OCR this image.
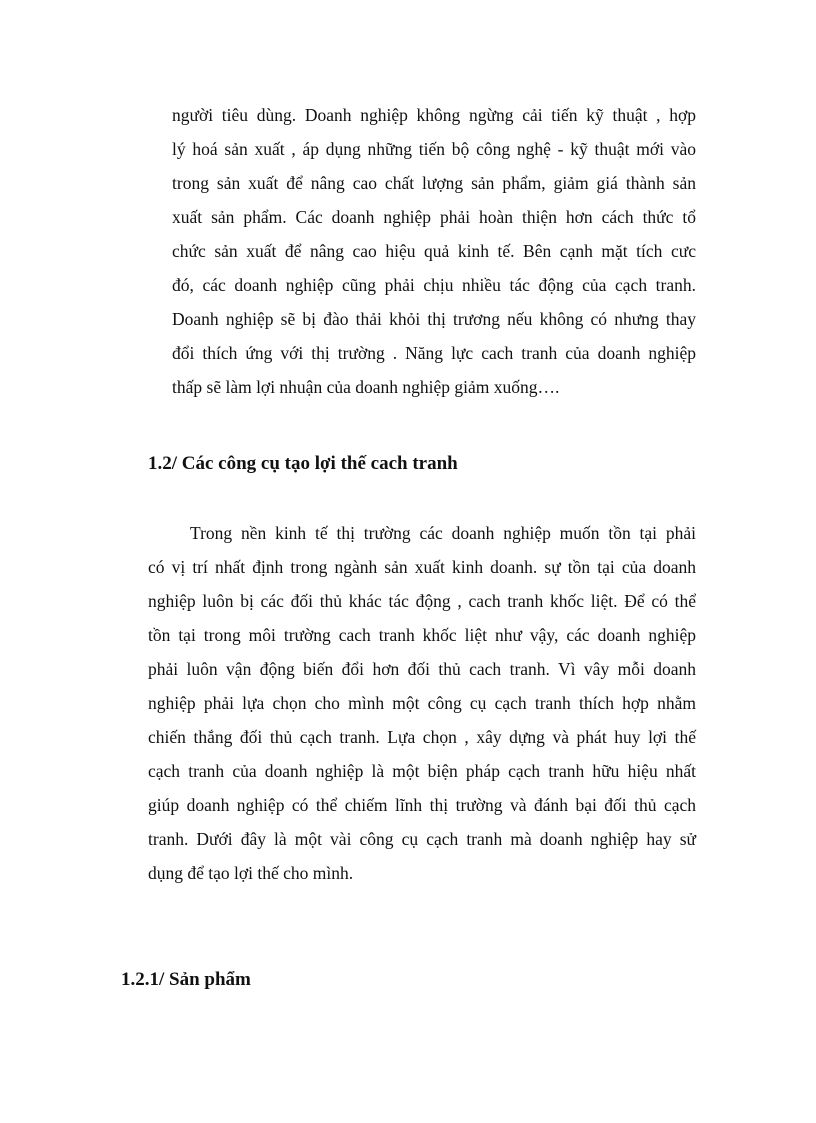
người tiêu dùng. Doanh nghiệp không ngừng cải tiến kỹ thuật , hợp
lý hoá sản xuất , áp dụng những tiến bộ công nghệ - kỹ thuật mới vào
trong sản xuất để nâng cao chất lượng sản phẩm, giảm giá thành sản
xuất sản phẩm. Các doanh nghiệp phải hoàn thiện hơn cách thức tổ
chức sản xuất để nâng cao hiệu quả kinh tế. Bên cạnh mặt tích cưc
đó, các doanh nghiệp cũng phải chịu nhiều tác động của cạch tranh.
Doanh nghiệp sẽ bị đào thải khỏi thị trương nếu không có nhưng thay
đổi thích ứng với thị trường . Năng lực cach tranh của doanh nghiệp
thấp sẽ làm lợi nhuận của doanh nghiệp giảm xuống….
1.2/ Các công cụ tạo lợi thế cach tranh
Trong nền kinh tế thị trường các doanh nghiệp muốn tồn tại phải
có vị trí nhất định trong ngành sản xuất kinh doanh. sự tồn tại của doanh
nghiệp luôn bị các đối thủ khác tác động , cach tranh khốc liệt. Để có thể
tồn tại trong môi trường cach tranh khốc liệt như vậy, các doanh nghiệp
phải luôn vận động biến đổi hơn đối thủ cach tranh. Vì vây mỗi doanh
nghiệp phải lựa chọn cho mình một công cụ cạch tranh thích hợp nhằm
chiến thắng đối thủ cạch tranh. Lựa chọn , xây dựng và phát huy lợi thế
cạch tranh của doanh nghiệp là một biện pháp cạch tranh hữu hiệu nhất
giúp doanh nghiệp có thể chiếm lĩnh thị trường và đánh bại đối thủ cạch
tranh. Dưới đây là một vài công cụ cạch tranh mà doanh nghiệp hay sử
dụng để tạo lợi thế cho mình.
1.2.1/ Sản phẩm
